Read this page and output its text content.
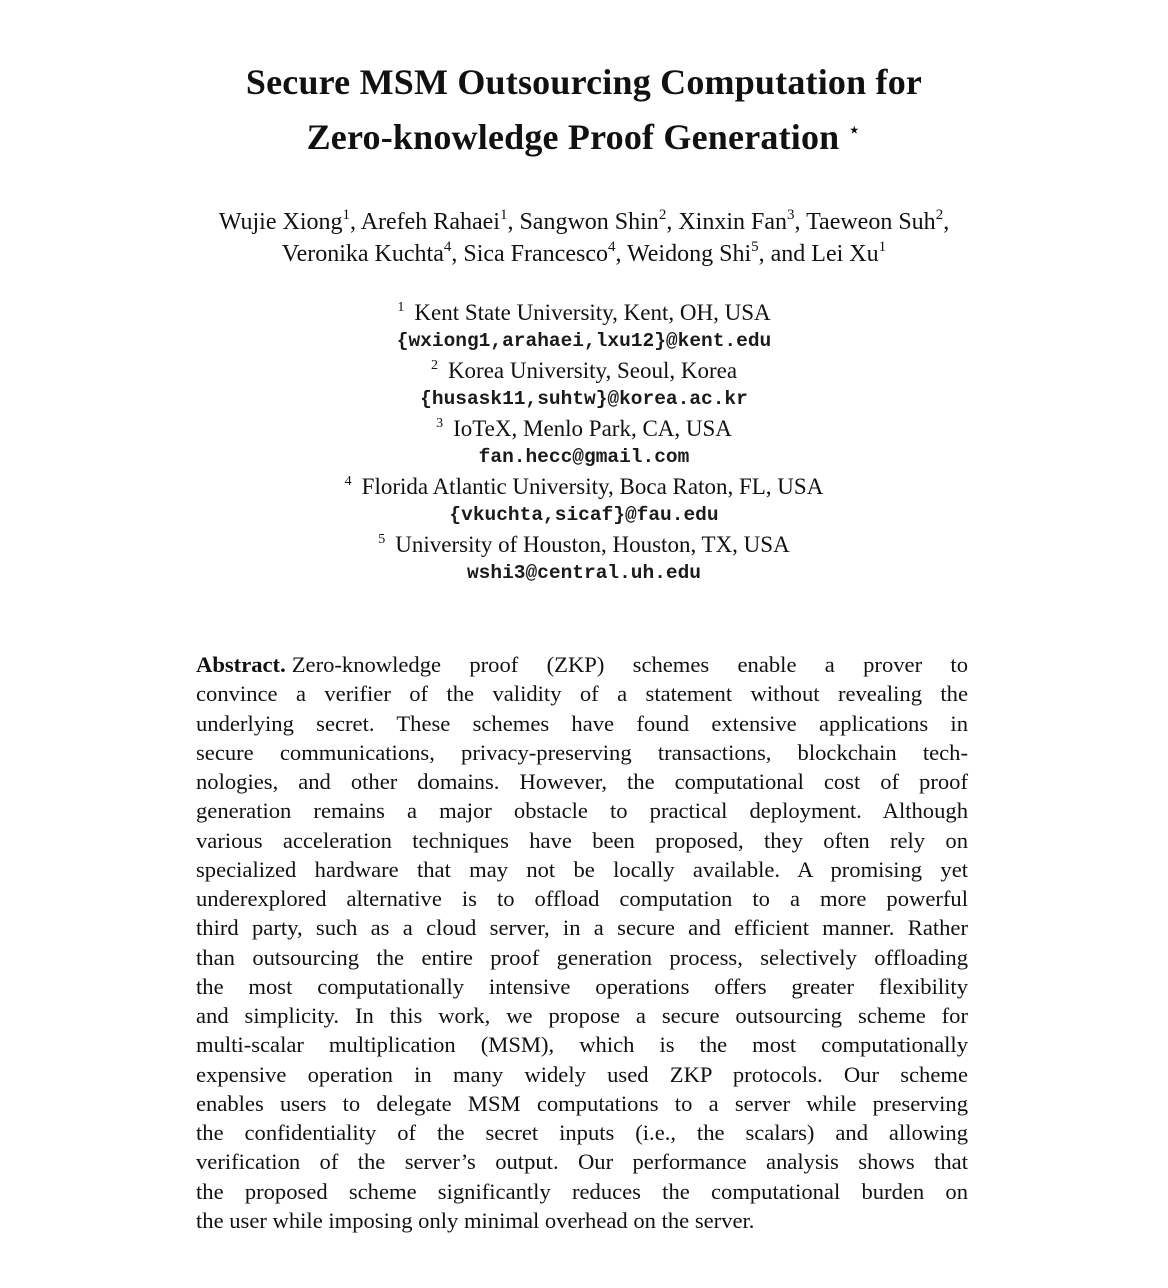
Secure MSM Outsourcing Computation for
Zero-knowledge Proof Generation ⋆
Wujie Xiong$^1$, Arefeh Rahaei$^1$, Sangwon Shin$^2$, Xinxin Fan$^3$, Taeweon Suh$^2$,
Veronika Kuchta$^4$, Sica Francesco$^4$, Weidong Shi$^5$, and Lei Xu$^1$
$^1$ Kent State University, Kent, OH, USA
{wxiong1,arahaei,lxu12}@kent.edu
$^2$ Korea University, Seoul, Korea
{husask11,suhtw}@korea.ac.kr
$^3$ IoTeX, Menlo Park, CA, USA
fan.hecc@gmail.com
$^4$ Florida Atlantic University, Boca Raton, FL, USA
{vkuchta,sicaf}@fau.edu
$^5$ University of Houston, Houston, TX, USA
wshi3@central.uh.edu
Abstract. Zero-knowledge proof (ZKP) schemes enable a prover to
convince a verifier of the validity of a statement without revealing the
underlying secret. These schemes have found extensive applications in
secure communications, privacy-preserving transactions, blockchain tech-
nologies, and other domains. However, the computational cost of proof
generation remains a major obstacle to practical deployment. Although
various acceleration techniques have been proposed, they often rely on
specialized hardware that may not be locally available. A promising yet
underexplored alternative is to offload computation to a more powerful
third party, such as a cloud server, in a secure and efficient manner. Rather
than outsourcing the entire proof generation process, selectively offloading
the most computationally intensive operations offers greater flexibility
and simplicity. In this work, we propose a secure outsourcing scheme for
multi-scalar multiplication (MSM), which is the most computationally
expensive operation in many widely used ZKP protocols. Our scheme
enables users to delegate MSM computations to a server while preserving
the confidentiality of the secret inputs (i.e., the scalars) and allowing
verification of the server’s output. Our performance analysis shows that
the proposed scheme significantly reduces the computational burden on
the user while imposing only minimal overhead on the server.
